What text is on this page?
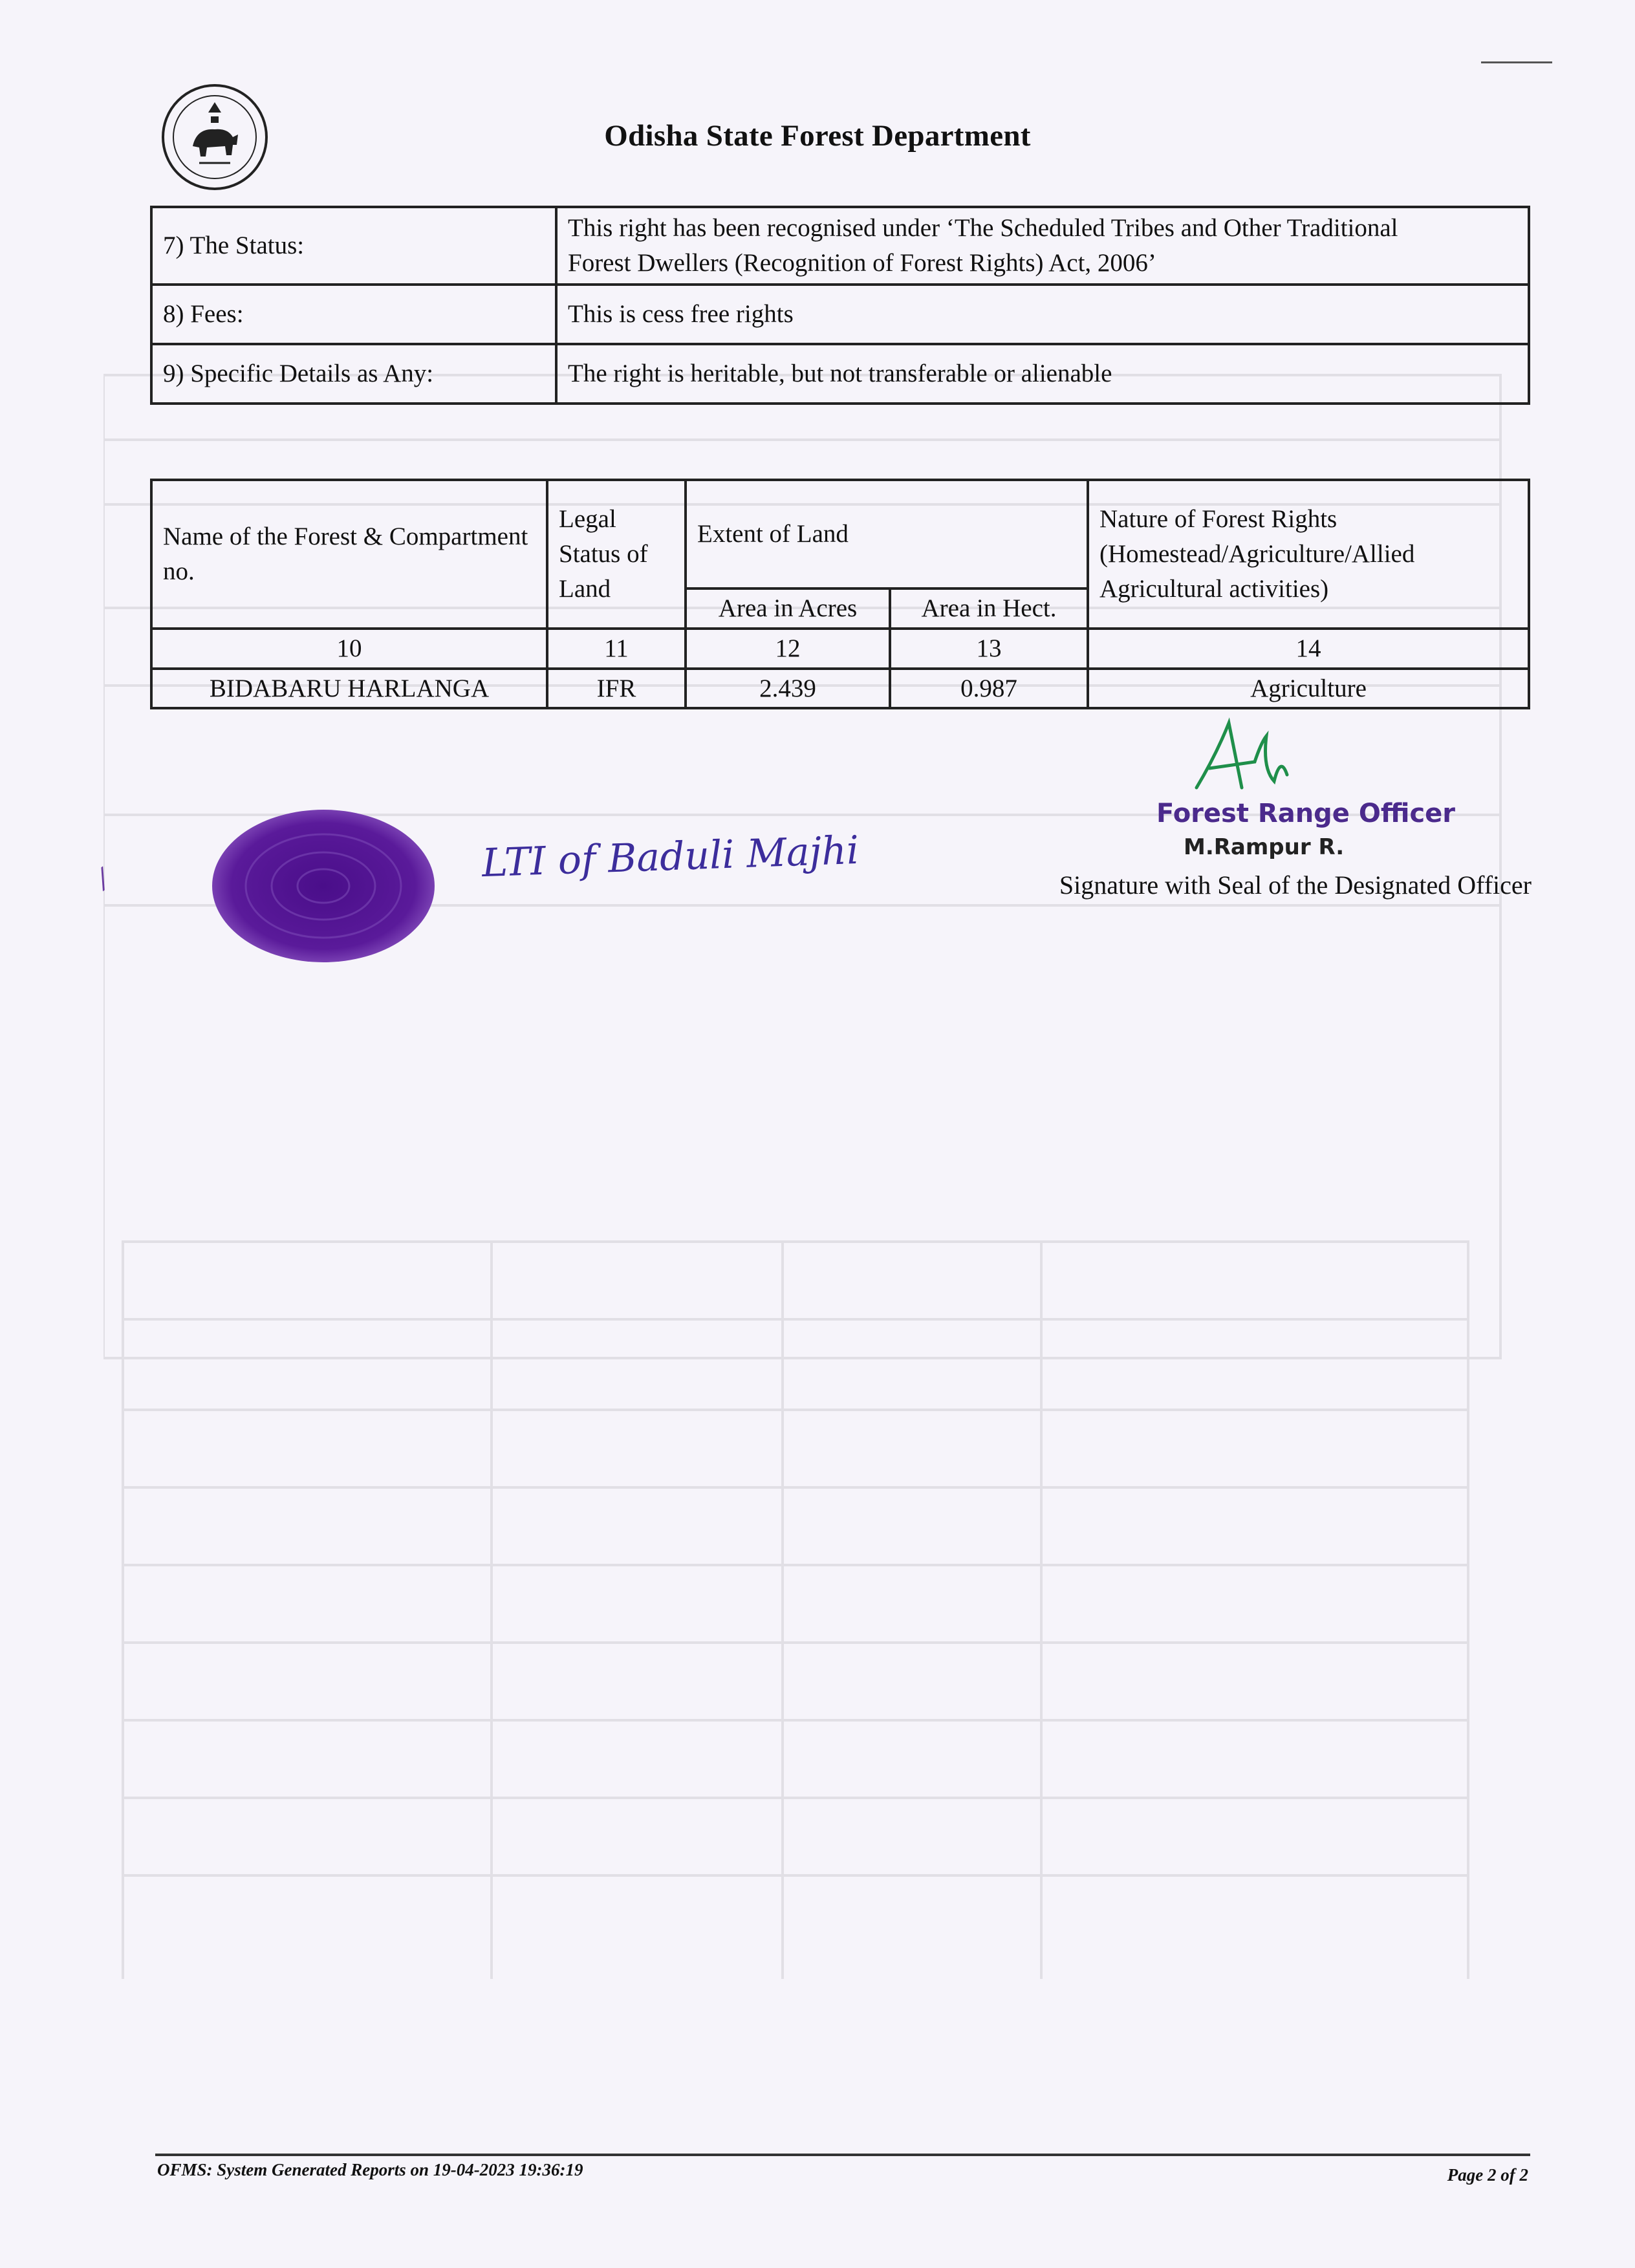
Odisha State Forest Department
7) The Status:	This right has been recognised under ‘The Scheduled Tribes and Other Traditional
Forest Dwellers (Recognition of Forest Rights) Act, 2006’

8) Fees:	This is cess free rights
9) Specific Details as Any:	The right is heritable, but not transferable or alienable
Name of the Forest & Compartment no.	Legal Status of Land	Extent of Land		Nature of Forest Rights (Homestead/Agriculture/Allied Agricultural activities)
		Area in Acres	Area in Hect.	
10	11	12	13	14
BIDABARU HARLANGA	IFR	2.439	0.987	Agriculture
⁄	LTI of Baduli Majhi
Forest Range Officer
M.Rampur R.
Signature with Seal of the Designated Officer
OFMS: System Generated Reports on 19-04-2023 19:36:19	Page 2 of 2
